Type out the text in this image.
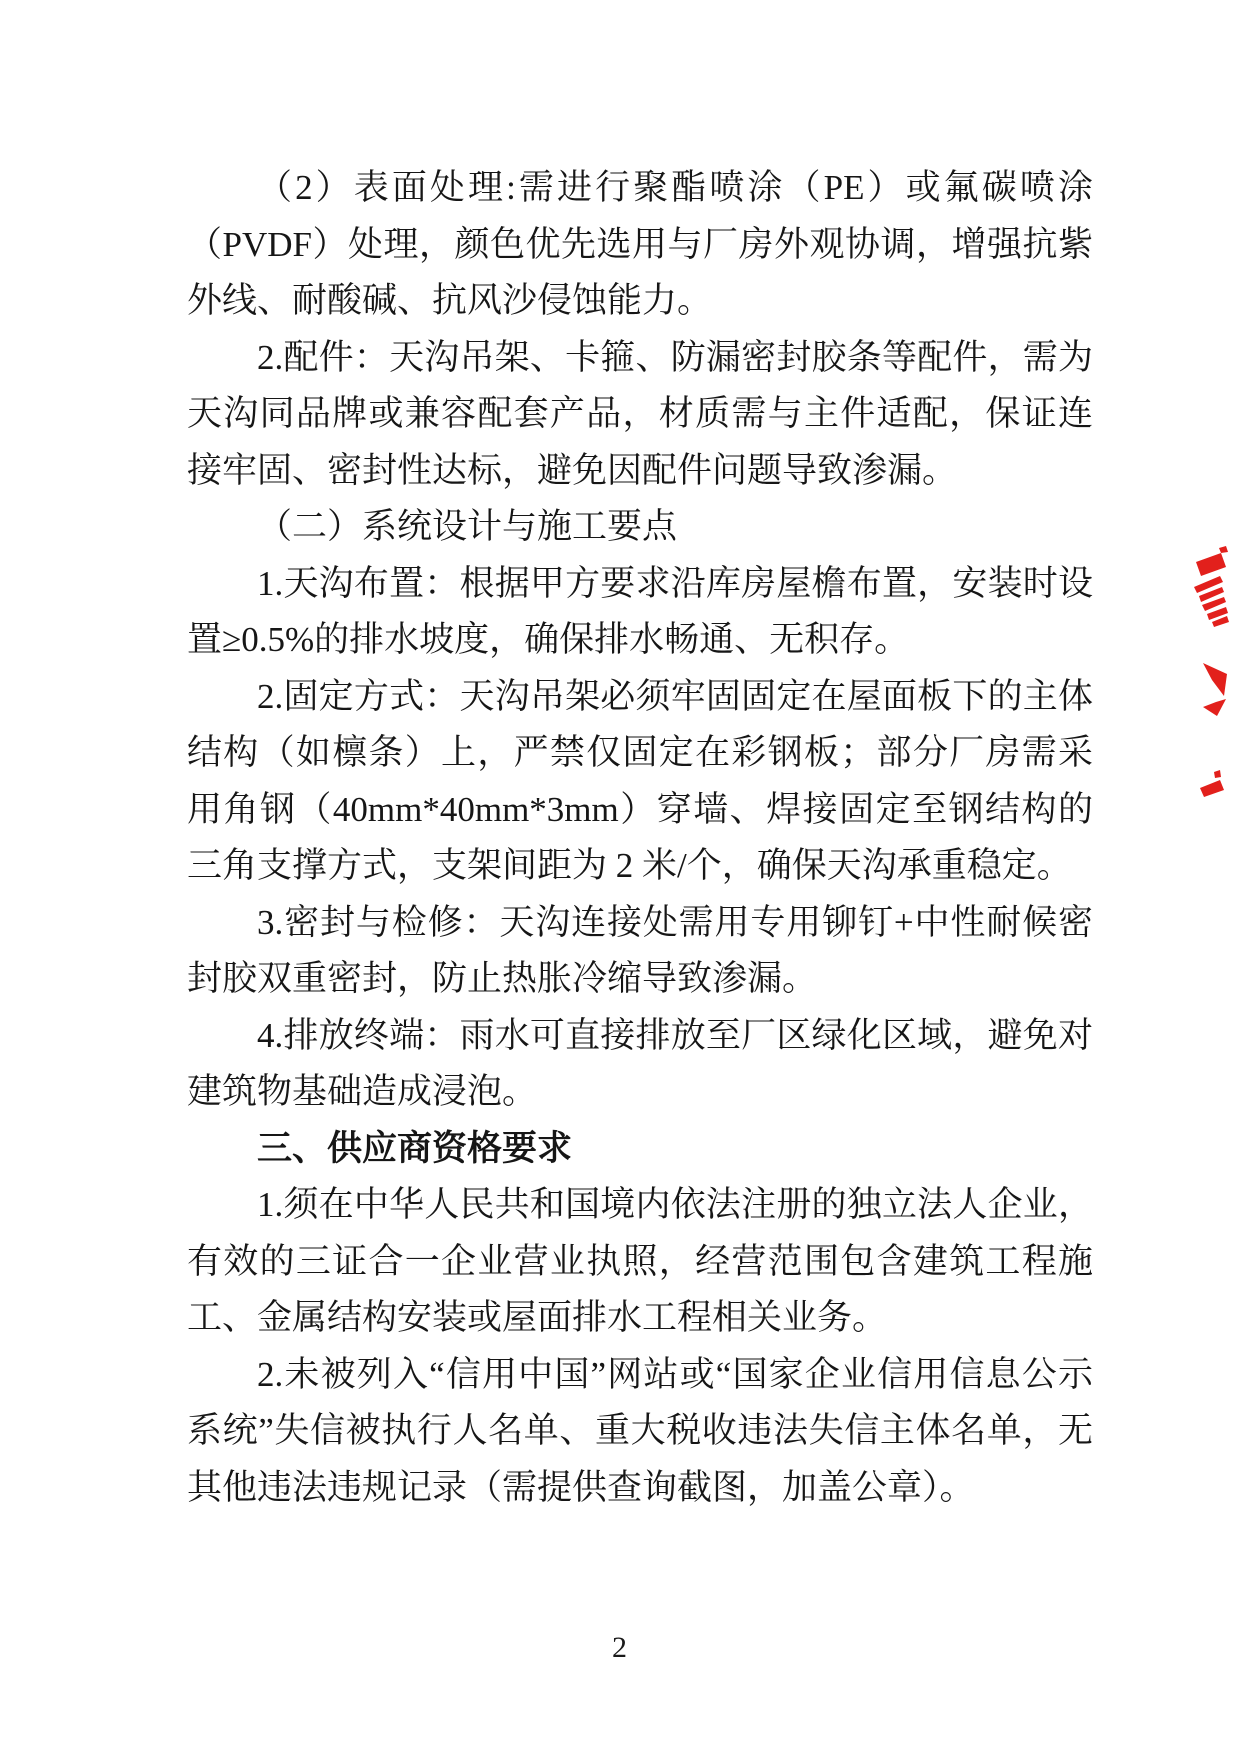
（2）表面处理:需进行聚酯喷涂（PE）或氟碳喷涂（PVDF）处理，颜色优先选用与厂房外观协调，增强抗紫外线、耐酸碱、抗风沙侵蚀能力。

2.配件：天沟吊架、卡箍、防漏密封胶条等配件，需为天沟同品牌或兼容配套产品，材质需与主件适配，保证连接牢固、密封性达标，避免因配件问题导致渗漏。

（二）系统设计与施工要点

1.天沟布置：根据甲方要求沿库房屋檐布置，安装时设置≥0.5%的排水坡度，确保排水畅通、无积存。

2.固定方式：天沟吊架必须牢固固定在屋面板下的主体结构（如檩条）上，严禁仅固定在彩钢板；部分厂房需采用角钢（40mm*40mm*3mm）穿墙、焊接固定至钢结构的三角支撑方式，支架间距为 2 米/个，确保天沟承重稳定。

3.密封与检修：天沟连接处需用专用铆钉+中性耐候密封胶双重密封，防止热胀冷缩导致渗漏。

4.排放终端：雨水可直接排放至厂区绿化区域，避免对建筑物基础造成浸泡。

三、供应商资格要求

1.须在中华人民共和国境内依法注册的独立法人企业，有效的三证合一企业营业执照，经营范围包含建筑工程施工、金属结构安装或屋面排水工程相关业务。

2.未被列入“信用中国”网站或“国家企业信用信息公示系统”失信被执行人名单、重大税收违法失信主体名单，无其他违法违规记录（需提供查询截图，加盖公章）。

2
